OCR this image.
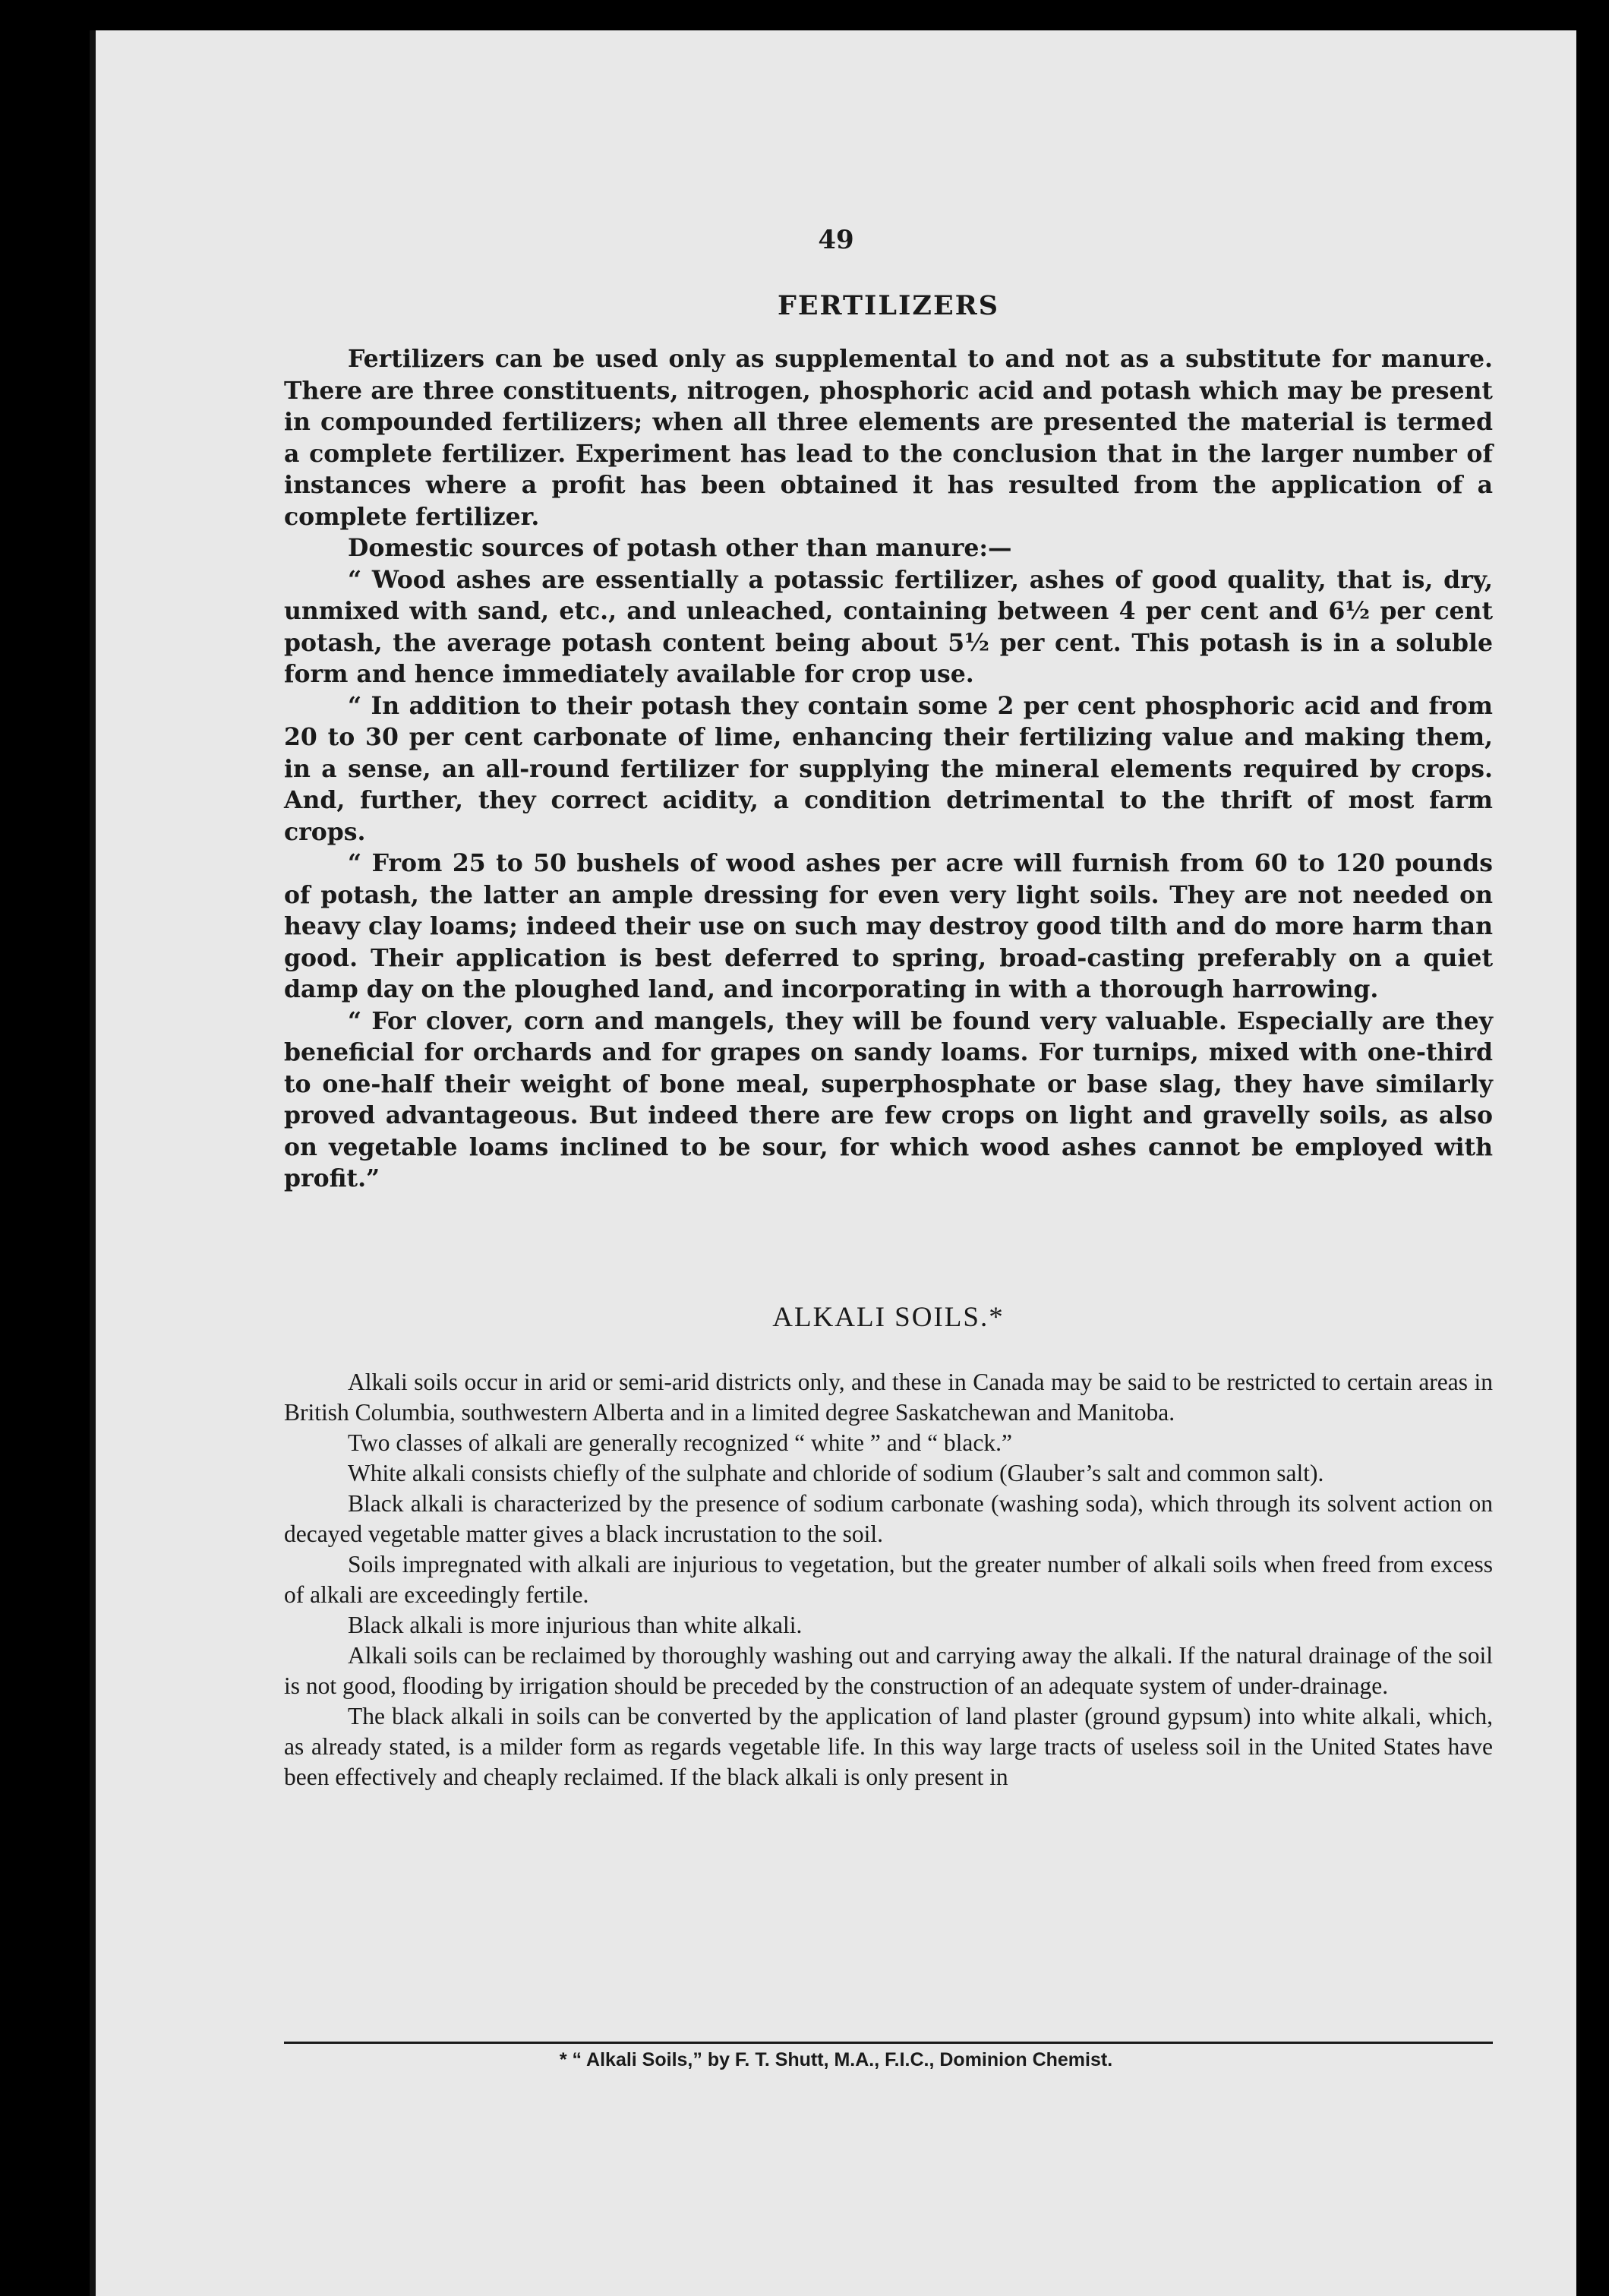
49
FERTILIZERS

Fertilizers can be used only as supplemental to and not as a substitute for manure. There are three constituents, nitrogen, phosphoric acid and potash which may be present in compounded fertilizers; when all three elements are presented the material is termed a complete fertilizer. Experiment has lead to the conclusion that in the larger number of instances where a profit has been obtained it has resulted from the application of a complete fertilizer.

Domestic sources of potash other than manure:—

“ Wood ashes are essentially a potassic fertilizer, ashes of good quality, that is, dry, unmixed with sand, etc., and unleached, containing between 4 per cent and 6½ per cent potash, the average potash content being about 5½ per cent. This potash is in a soluble form and hence immediately available for crop use.

“ In addition to their potash they contain some 2 per cent phosphoric acid and from 20 to 30 per cent carbonate of lime, enhancing their fertilizing value and making them, in a sense, an all-round fertilizer for supplying the mineral elements required by crops. And, further, they correct acidity, a condition detrimental to the thrift of most farm crops.

“ From 25 to 50 bushels of wood ashes per acre will furnish from 60 to 120 pounds of potash, the latter an ample dressing for even very light soils. They are not needed on heavy clay loams; indeed their use on such may destroy good tilth and do more harm than good. Their application is best deferred to spring, broad-casting preferably on a quiet damp day on the ploughed land, and incorporating in with a thorough harrowing.

“ For clover, corn and mangels, they will be found very valuable. Especially are they beneficial for orchards and for grapes on sandy loams. For turnips, mixed with one-third to one-half their weight of bone meal, superphosphate or base slag, they have similarly proved advantageous. But indeed there are few crops on light and gravelly soils, as also on vegetable loams inclined to be sour, for which wood ashes cannot be employed with profit.”

ALKALI SOILS.*

Alkali soils occur in arid or semi-arid districts only, and these in Canada may be said to be restricted to certain areas in British Columbia, southwestern Alberta and in a limited degree Saskatchewan and Manitoba.

Two classes of alkali are generally recognized “ white ” and “ black.”

White alkali consists chiefly of the sulphate and chloride of sodium (Glauber’s salt and common salt).

Black alkali is characterized by the presence of sodium carbonate (washing soda), which through its solvent action on decayed vegetable matter gives a black incrustation to the soil.

Soils impregnated with alkali are injurious to vegetation, but the greater number of alkali soils when freed from excess of alkali are exceedingly fertile.

Black alkali is more injurious than white alkali.

Alkali soils can be reclaimed by thoroughly washing out and carrying away the alkali. If the natural drainage of the soil is not good, flooding by irrigation should be preceded by the construction of an adequate system of under-drainage.

The black alkali in soils can be converted by the application of land plaster (ground gypsum) into white alkali, which, as already stated, is a milder form as regards vegetable life. In this way large tracts of useless soil in the United States have been effectively and cheaply reclaimed. If the black alkali is only present in

* “ Alkali Soils,” by F. T. Shutt, M.A., F.I.C., Dominion Chemist.
